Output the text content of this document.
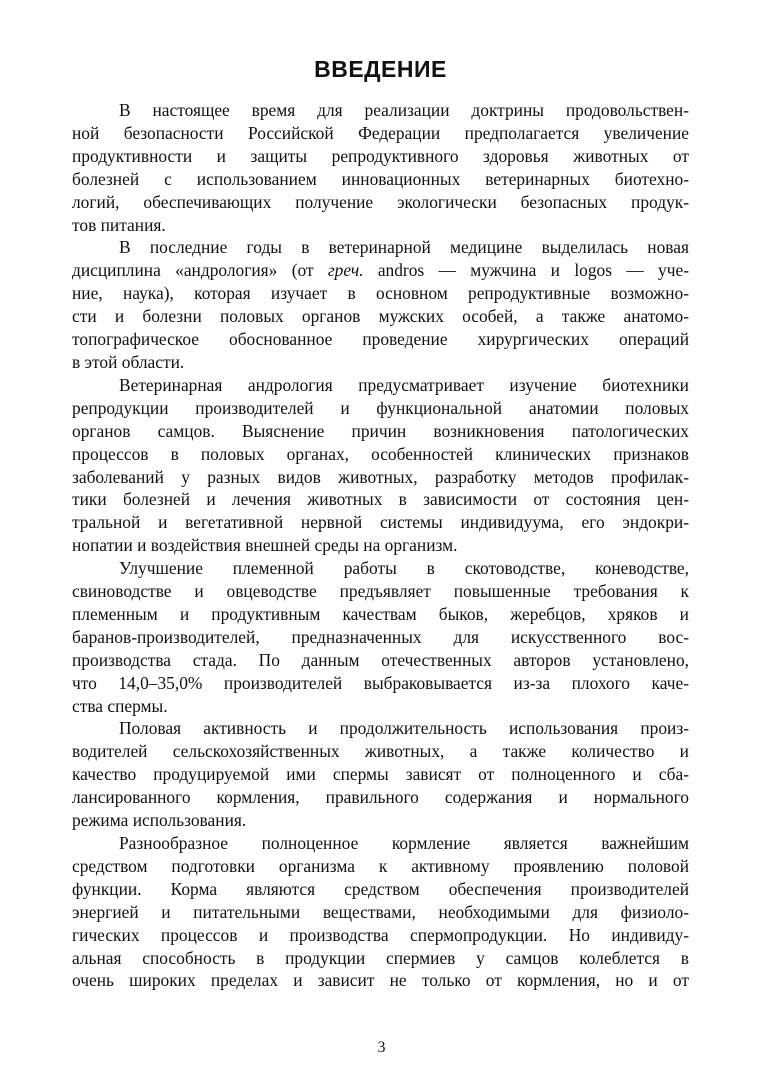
ВВЕДЕНИЕ

В настоящее время для реализации доктрины продовольствен-
ной безопасности Российской Федерации предполагается увеличение
продуктивности и защиты репродуктивного здоровья животных от
болезней с использованием инновационных ветеринарных биотехно-
логий, обеспечивающих получение экологически безопасных продук-
тов питания.

В последние годы в ветеринарной медицине выделилась новая
дисциплина «андрология» (от греч. andros — мужчина и logos — уче-
ние, наука), которая изучает в основном репродуктивные возможно-
сти и болезни половых органов мужских особей, а также анатомо-
топографическое обоснованное проведение хирургических операций
в этой области.

Ветеринарная андрология предусматривает изучение биотехники
репродукции производителей и функциональной анатомии половых
органов самцов. Выяснение причин возникновения патологических
процессов в половых органах, особенностей клинических признаков
заболеваний у разных видов животных, разработку методов профилак-
тики болезней и лечения животных в зависимости от состояния цен-
тральной и вегетативной нервной системы индивидуума, его эндокри-
нопатии и воздействия внешней среды на организм.

Улучшение племенной работы в скотоводстве, коневодстве,
свиноводстве и овцеводстве предъявляет повышенные требования к
племенным и продуктивным качествам быков, жеребцов, хряков и
баранов-производителей, предназначенных для искусственного вос-
производства стада. По данным отечественных авторов установлено,
что 14,0–35,0% производителей выбраковывается из-за плохого каче-
ства спермы.

Половая активность и продолжительность использования произ-
водителей сельскохозяйственных животных, а также количество и
качество продуцируемой ими спермы зависят от полноценного и сба-
лансированного кормления, правильного содержания и нормального
режима использования.

Разнообразное полноценное кормление является важнейшим
средством подготовки организма к активному проявлению половой
функции. Корма являются средством обеспечения производителей
энергией и питательными веществами, необходимыми для физиоло-
гических процессов и производства спермопродукции. Но индивиду-
альная способность в продукции спермиев у самцов колеблется в
очень широких пределах и зависит не только от кормления, но и от

3
